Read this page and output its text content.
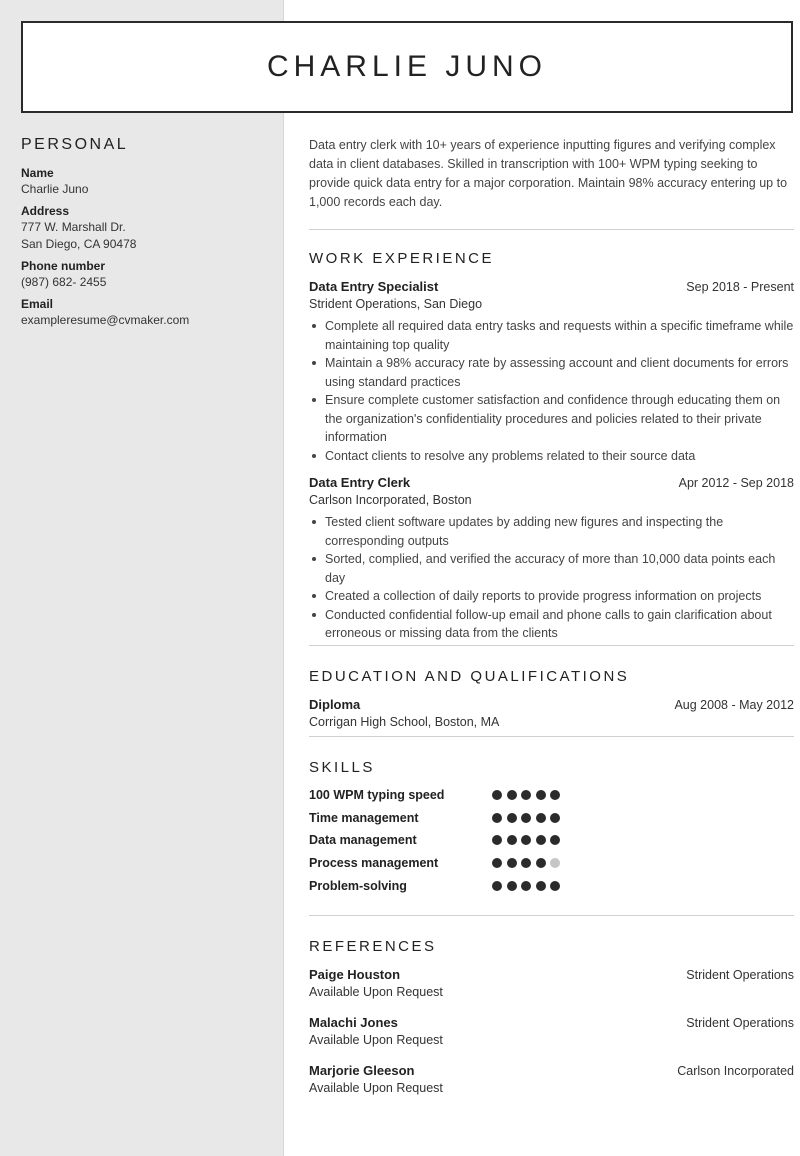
CHARLIE JUNO
PERSONAL
Name
Charlie Juno
Address
777 W. Marshall Dr.
San Diego, CA 90478
Phone number
(987) 682- 2455
Email
exampleresume@cvmaker.com

Data entry clerk with 10+ years of experience inputting figures and verifying complex data in client databases. Skilled in transcription with 100+ WPM typing seeking to provide quick data entry for a major corporation. Maintain 98% accuracy entering up to 1,000 records each day.

WORK EXPERIENCE
Data Entry Specialist	Sep 2018 - Present
Strident Operations, San Diego
Complete all required data entry tasks and requests within a specific timeframe while maintaining top quality
Maintain a 98% accuracy rate by assessing account and client documents for errors using standard practices
Ensure complete customer satisfaction and confidence through educating them on the organization's confidentiality procedures and policies related to their private information
Contact clients to resolve any problems related to their source data
Data Entry Clerk	Apr 2012 - Sep 2018
Carlson Incorporated, Boston
Tested client software updates by adding new figures and inspecting the corresponding outputs
Sorted, complied, and verified the accuracy of more than 10,000 data points each day
Created a collection of daily reports to provide progress information on projects
Conducted confidential follow-up email and phone calls to gain clarification about erroneous or missing data from the clients
EDUCATION AND QUALIFICATIONS
Diploma	Aug 2008 - May 2012
Corrigan High School, Boston, MA
SKILLS
100 WPM typing speed
Time management
Data management
Process management
Problem-solving
REFERENCES
Paige Houston	Strident Operations
Available Upon Request
Malachi Jones	Strident Operations
Available Upon Request
Marjorie Gleeson	Carlson Incorporated
Available Upon Request
